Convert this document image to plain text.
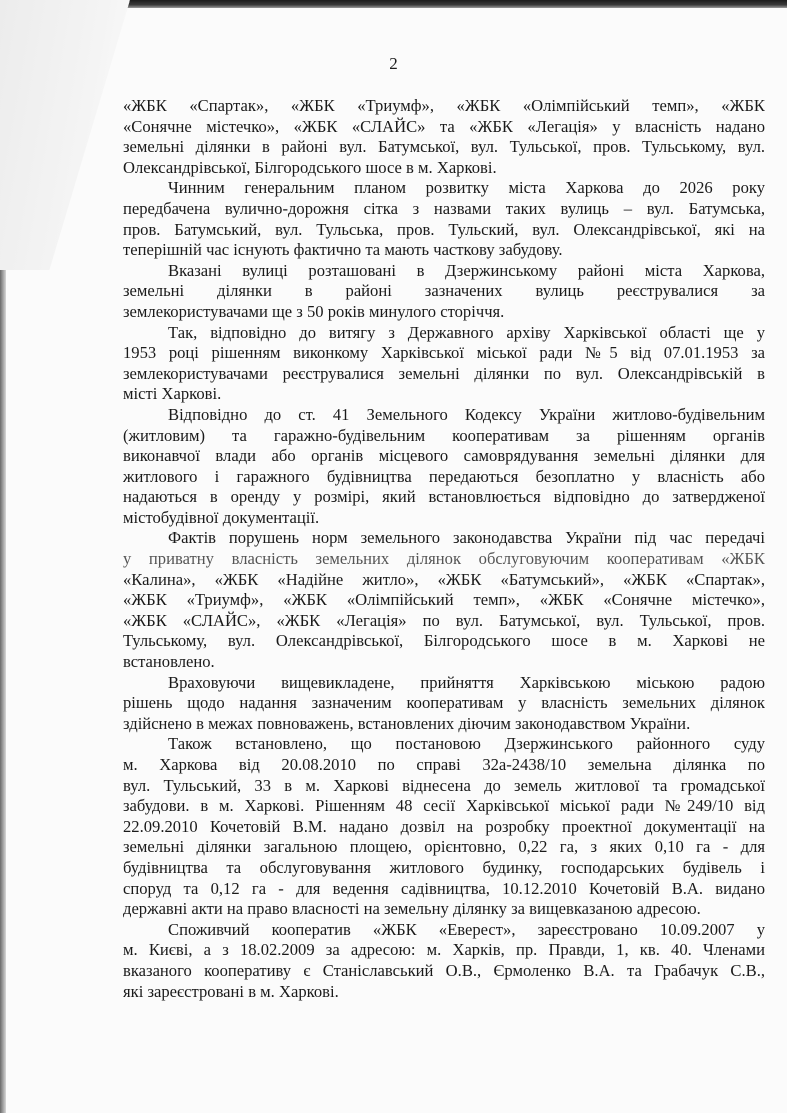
2
«ЖБК «Спартак», «ЖБК «Триумф», «ЖБК «Олімпійський темп», «ЖБК
«Сонячне містечко», «ЖБК «СЛАЙС» та «ЖБК «Легація» у власність надано
земельні ділянки в районі вул. Батумської, вул. Тульської, пров. Тульському, вул.
Олександрівської, Білгородського шосе в м. Харкові.
Чинним генеральним планом розвитку міста Харкова до 2026 року
передбачена вулично-дорожня сітка з назвами таких вулиць – вул. Батумська,
пров. Батумський, вул. Тульська, пров. Тульский, вул. Олександрівської, які на
теперішній час існують фактично та мають часткову забудову.
Вказані вулиці розташовані в Дзержинському районі міста Харкова,
земельні ділянки в районі зазначених вулиць реєструвалися за
землекористувачами ще з 50 років минулого сторіччя.
Так, відповідно до витягу з Державного архіву Харківської області ще у
1953 році рішенням виконкому Харківської міської ради №5 від 07.01.1953 за
землекористувачами реєструвалися земельні ділянки по вул. Олександрівській в
місті Харкові.
Відповідно до ст. 41 Земельного Кодексу України житлово-будівельним
(житловим) та гаражно-будівельним кооперативам за рішенням органів
виконавчої влади або органів місцевого самоврядування земельні ділянки для
житлового і гаражного будівництва передаються безоплатно у власність або
надаються в оренду у розмірі, який встановлюється відповідно до затвердженої
містобудівної документації.
Фактів порушень норм земельного законодавства України під час передачі
у приватну власність земельних ділянок обслуговуючим кооперативам «ЖБК
«Калина», «ЖБК «Надійне житло», «ЖБК «Батумський», «ЖБК «Спартак»,
«ЖБК «Триумф», «ЖБК «Олімпійський темп», «ЖБК «Сонячне містечко»,
«ЖБК «СЛАЙС», «ЖБК «Легація» по вул. Батумської, вул. Тульської, пров.
Тульському, вул. Олександрівської, Білгородського шосе в м. Харкові не
встановлено.
Враховуючи вищевикладене, прийняття Харківською міською радою
рішень щодо надання зазначеним кооперативам у власність земельних ділянок
здійснено в межах повноважень, встановлених діючим законодавством України.
Також встановлено, що постановою Дзержинського районного суду
м. Харкова від 20.08.2010 по справі 32а-2438/10 земельна ділянка по
вул. Тульський, 33 в м. Харкові віднесена до земель житлової та громадської
забудови. в м. Харкові. Рішенням 48 сесії Харківської міської ради №249/10 від
22.09.2010 Кочетовій В.М. надано дозвіл на розробку проектної документації на
земельні ділянки загальною площею, орієнтовно, 0,22 га, з яких 0,10 га - для
будівництва та обслуговування житлового будинку, господарських будівель і
споруд та 0,12 га - для ведення садівництва, 10.12.2010 Кочетовій В.А. видано
державні акти на право власності на земельну ділянку за вищевказаною адресою.
Споживчий кооператив «ЖБК «Еверест», зареєстровано 10.09.2007 у
м. Києві, а з 18.02.2009 за адресою: м. Харків, пр. Правди, 1, кв. 40. Членами
вказаного кооперативу є Станіславський О.В., Єрмоленко В.А. та Грабачук С.В.,
які зареєстровані в м. Харкові.
